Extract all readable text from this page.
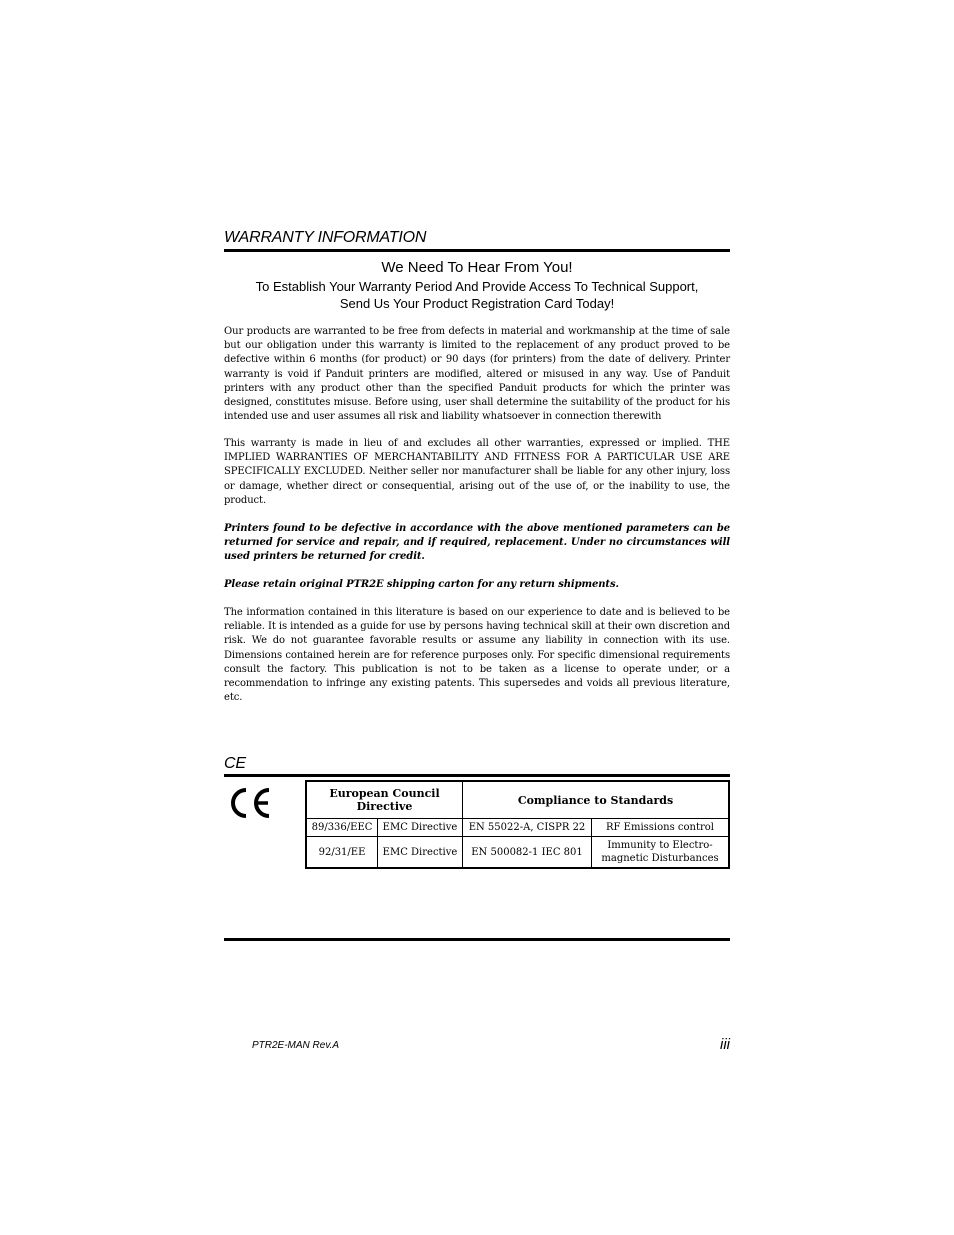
WARRANTY INFORMATION
We Need To Hear From You!
To Establish Your Warranty Period And Provide Access To Technical Support,
Send Us Your Product Registration Card Today!
Our products are warranted to be free from defects in material and workmanship at the time of sale but our obligation under this warranty is limited to the replacement of any product proved to be defective within 6 months (for product) or 90 days (for printers) from the date of delivery. Printer warranty is void if Panduit printers are modified, altered or misused in any way. Use of Panduit printers with any product other than the specified Panduit products for which the printer was designed, constitutes misuse. Before using, user shall determine the suitability of the product for his intended use and user assumes all risk and liability whatsoever in connection therewith
This warranty is made in lieu of and excludes all other warranties, expressed or implied. THE IMPLIED WARRANTIES OF MERCHANTABILITY AND FITNESS FOR A PARTICULAR USE ARE SPECIFICALLY EXCLUDED. Neither seller nor manufacturer shall be liable for any other injury, loss or damage, whether direct or consequential, arising out of the use of, or the inability to use, the product.
Printers found to be defective in accordance with the above mentioned parameters can be returned for service and repair, and if required, replacement. Under no circumstances will used printers be returned for credit.
Please retain original PTR2E shipping carton for any return shipments.
The information contained in this literature is based on our experience to date and is believed to be reliable. It is intended as a guide for use by persons having technical skill at their own discretion and risk. We do not guarantee favorable results or assume any liability in connection with its use. Dimensions contained herein are for reference purposes only. For specific dimensional requirements consult the factory. This publication is not to be taken as a license to operate under, or a recommendation to infringe any existing patents. This supersedes and voids all previous literature, etc.
CE
European Council Directive		Compliance to Standards	
89/336/EEC	EMC Directive	EN 55022-A, CISPR 22	RF Emissions control
92/31/EE	EMC Directive	EN 500082-1 IEC 801	Immunity to Electro-magnetic Disturbances
PTR2E-MAN Rev.A	iii
